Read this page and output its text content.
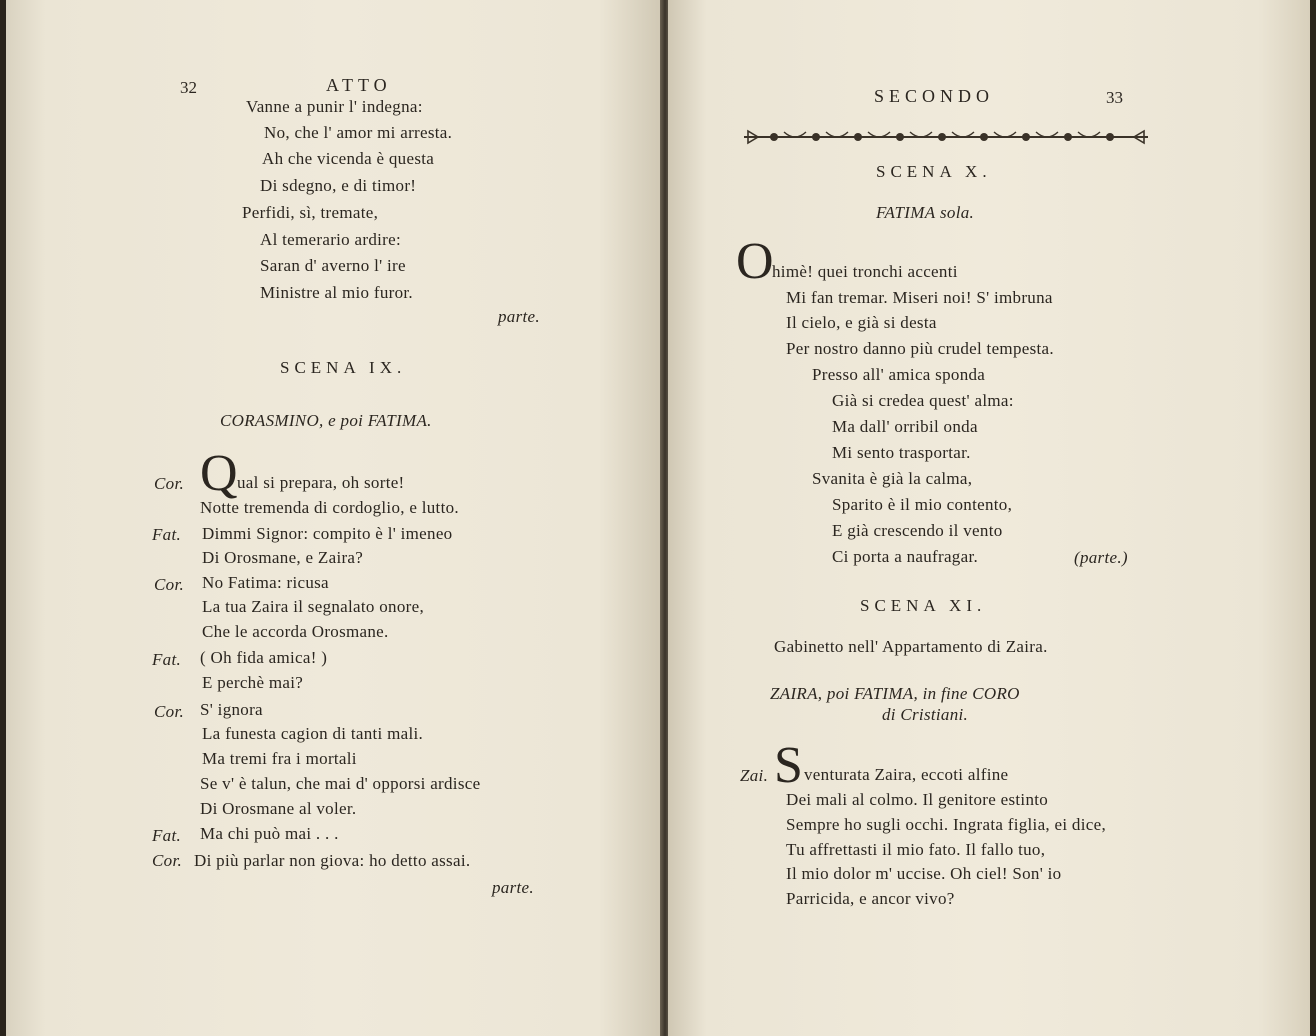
32	ATTO
Vanne a punir l' indegna:
No, che l' amor mi arresta.
Ah che vicenda è questa
Di sdegno, e di timor!
Perfidi, sì, tremate,
Al temerario ardire:
Saran d' averno l' ire
Ministre al mio furor.
parte.
SCENA IX.
CORASMINO, e poi FATIMA.
Cor. Q ual si prepara, oh sorte!
Notte tremenda di cordoglio, e lutto.
Fat. Dimmi Signor: compito è l' imeneo
Di Orosmane, e Zaira?
Cor. No Fatima: ricusa
La tua Zaira il segnalato onore,
Che le accorda Orosmane.
Fat. ( Oh fida amica! )
E perchè mai?
Cor. S' ignora
La funesta cagion di tanti mali.
Ma tremi fra i mortali
Se v' è talun, che mai d' opporsi ardisce
Di Orosmane al voler.
Fat. Ma chi può mai . . .
Cor. Di più parlar non giova: ho detto assai.
parte.
SECONDO	33
SCENA X.
FATIMA sola.
O
himè! quei tronchi accenti
Mi fan tremar. Miseri noi! S' imbruna
Il cielo, e già si desta
Per nostro danno più crudel tempesta.
Presso all' amica sponda
Già si credea quest' alma:
Ma dall' orribil onda
Mi sento trasportar.
Svanita è già la calma,
Sparito è il mio contento,
E già crescendo il vento
Ci porta a naufragar.	(parte.)
SCENA XI.
Gabinetto nell' Appartamento di Zaira.
ZAIRA, poi FATIMA, in fine CORO
di Cristiani.
Zai. S venturata Zaira, eccoti alfine
Dei mali al colmo. Il genitore estinto
Sempre ho sugli occhi. Ingrata figlia, ei dice,
Tu affrettasti il mio fato. Il fallo tuo,
Il mio dolor m' uccise. Oh ciel! Son' io
Parricida, e ancor vivo?
